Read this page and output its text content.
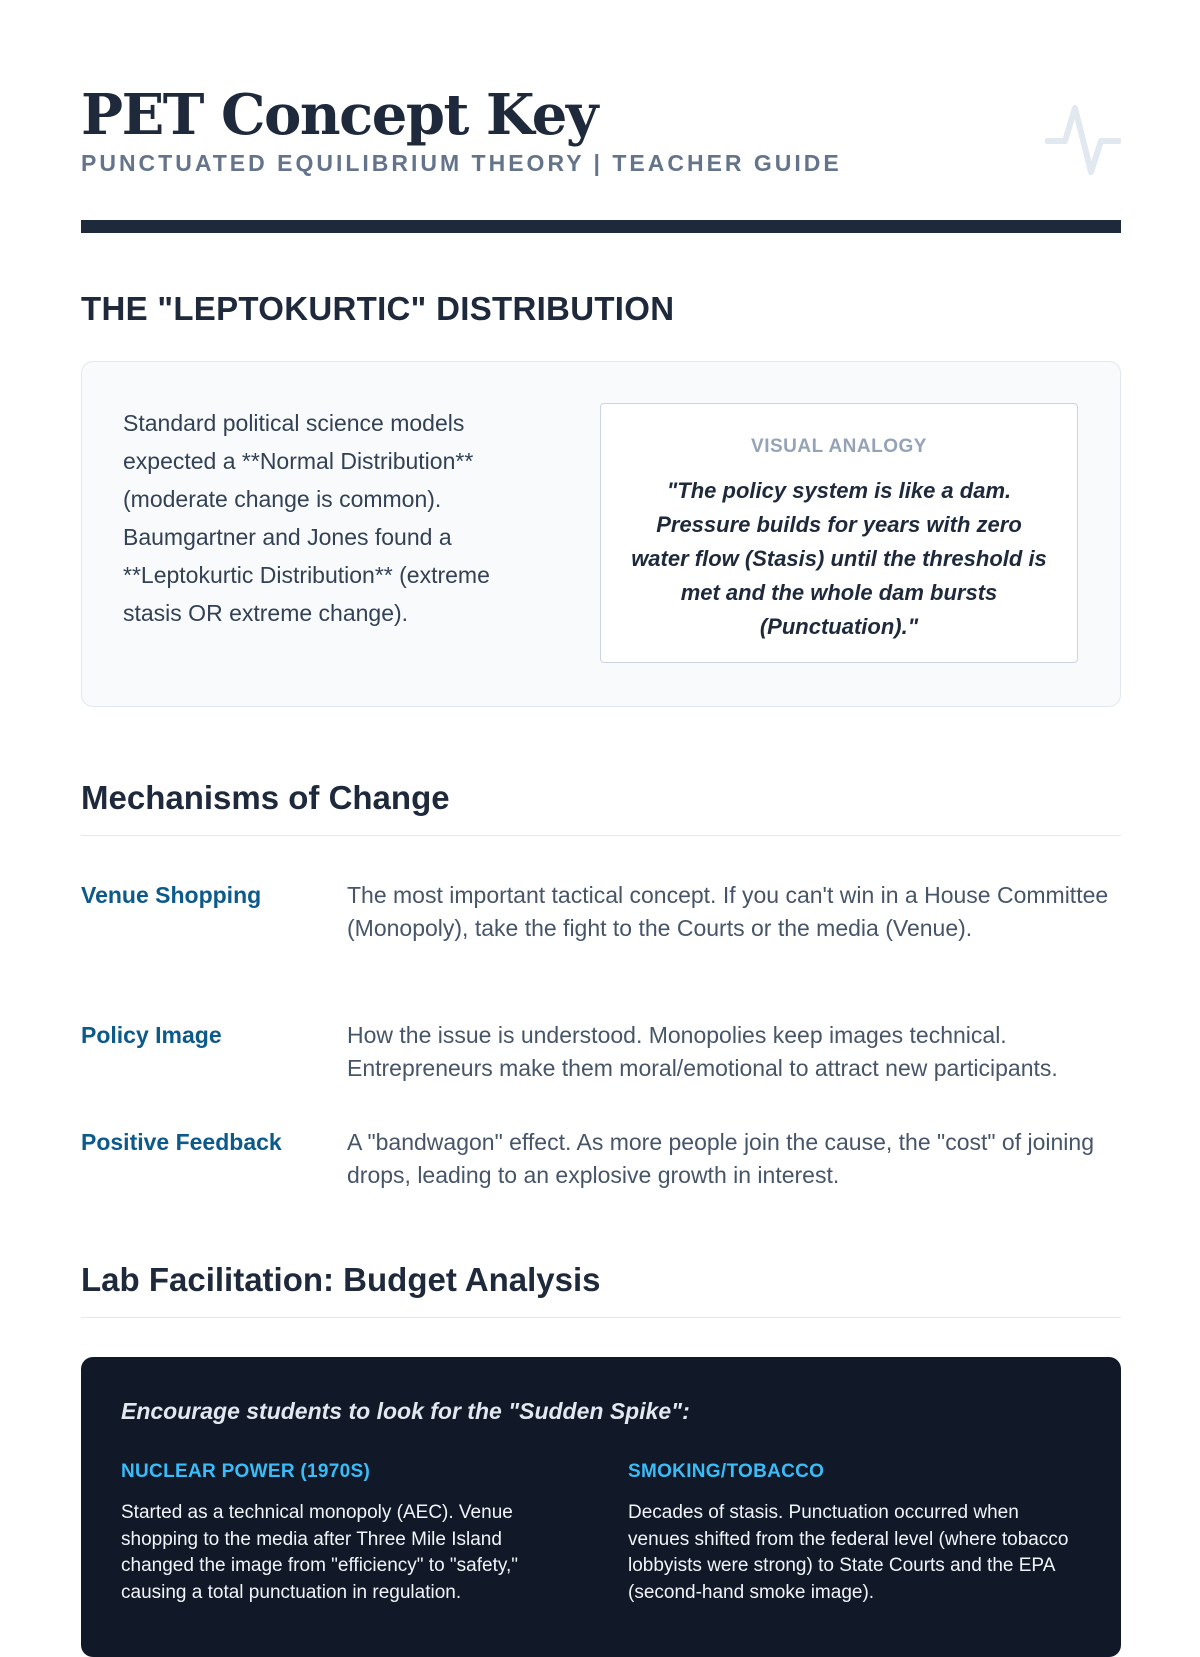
PET Concept Key
PUNCTUATED EQUILIBRIUM THEORY | TEACHER GUIDE
THE "LEPTOKURTIC" DISTRIBUTION
Standard political science models expected a **Normal Distribution** (moderate change is common). Baumgartner and Jones found a **Leptokurtic Distribution** (extreme stasis OR extreme change).
VISUAL ANALOGY
"The policy system is like a dam. Pressure builds for years with zero water flow (Stasis) until the threshold is met and the whole dam bursts (Punctuation)."
Mechanisms of Change
Venue Shopping	The most important tactical concept. If you can't win in a House Committee (Monopoly), take the fight to the Courts or the media (Venue).
Policy Image	How the issue is understood. Monopolies keep images technical. Entrepreneurs make them moral/emotional to attract new participants.
Positive Feedback	A "bandwagon" effect. As more people join the cause, the "cost" of joining drops, leading to an explosive growth in interest.
Lab Facilitation: Budget Analysis
Encourage students to look for the "Sudden Spike":
NUCLEAR POWER (1970S)
Started as a technical monopoly (AEC). Venue shopping to the media after Three Mile Island changed the image from "efficiency" to "safety," causing a total punctuation in regulation.
SMOKING/TOBACCO
Decades of stasis. Punctuation occurred when venues shifted from the federal level (where tobacco lobbyists were strong) to State Courts and the EPA (second-hand smoke image).
